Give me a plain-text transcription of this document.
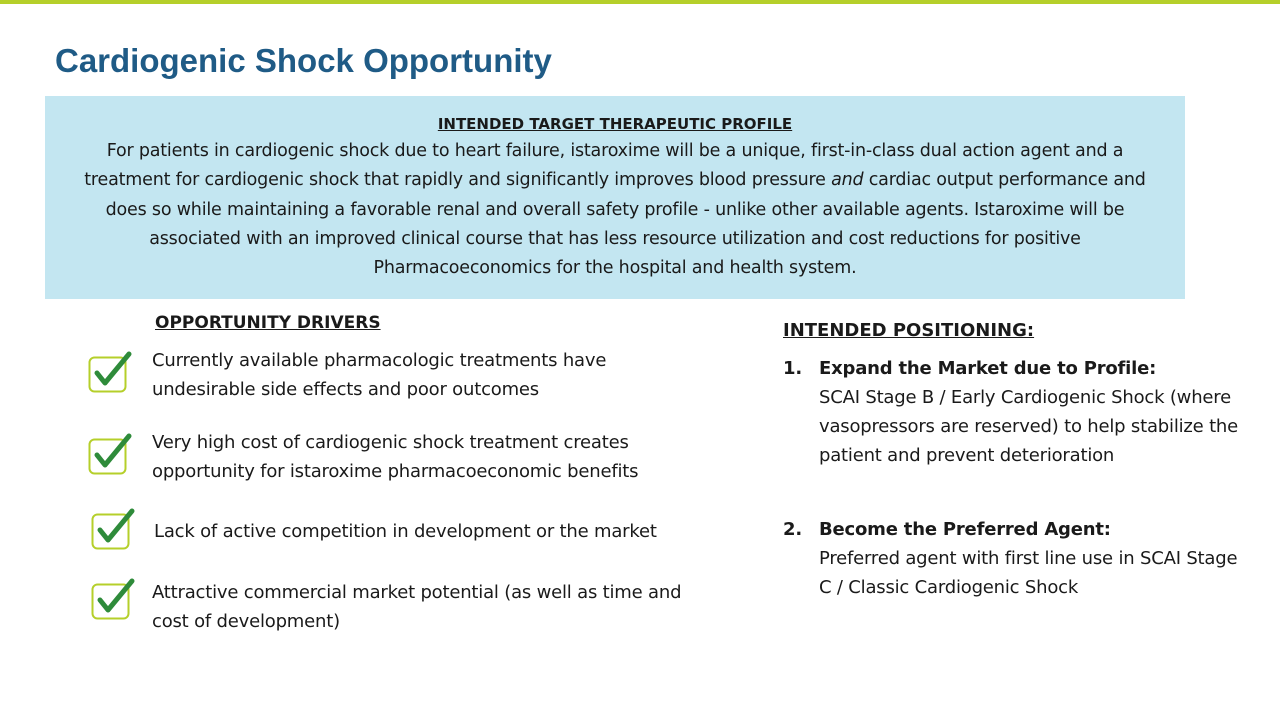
Cardiogenic Shock Opportunity
INTENDED TARGET THERAPEUTIC PROFILE
For patients in cardiogenic shock due to heart failure, istaroxime will be a unique, first-in-class dual action agent and a treatment for cardiogenic shock that rapidly and significantly improves blood pressure and cardiac output performance and does so while maintaining a favorable renal and overall safety profile - unlike other available agents. Istaroxime will be associated with an improved clinical course that has less resource utilization and cost reductions for positive Pharmacoeconomics for the hospital and health system.
OPPORTUNITY DRIVERS
Currently available pharmacologic treatments have undesirable side effects and poor outcomes
Very high cost of cardiogenic shock treatment creates opportunity for istaroxime pharmacoeconomic benefits
Lack of active competition in development or the market
Attractive commercial market potential (as well as time and cost of development)
INTENDED POSITIONING:
1. Expand the Market due to Profile:
SCAI Stage B / Early Cardiogenic Shock (where vasopressors are reserved) to help stabilize the patient and prevent deterioration
2. Become the Preferred Agent:
Preferred agent with first line use in SCAI Stage C / Classic Cardiogenic Shock
